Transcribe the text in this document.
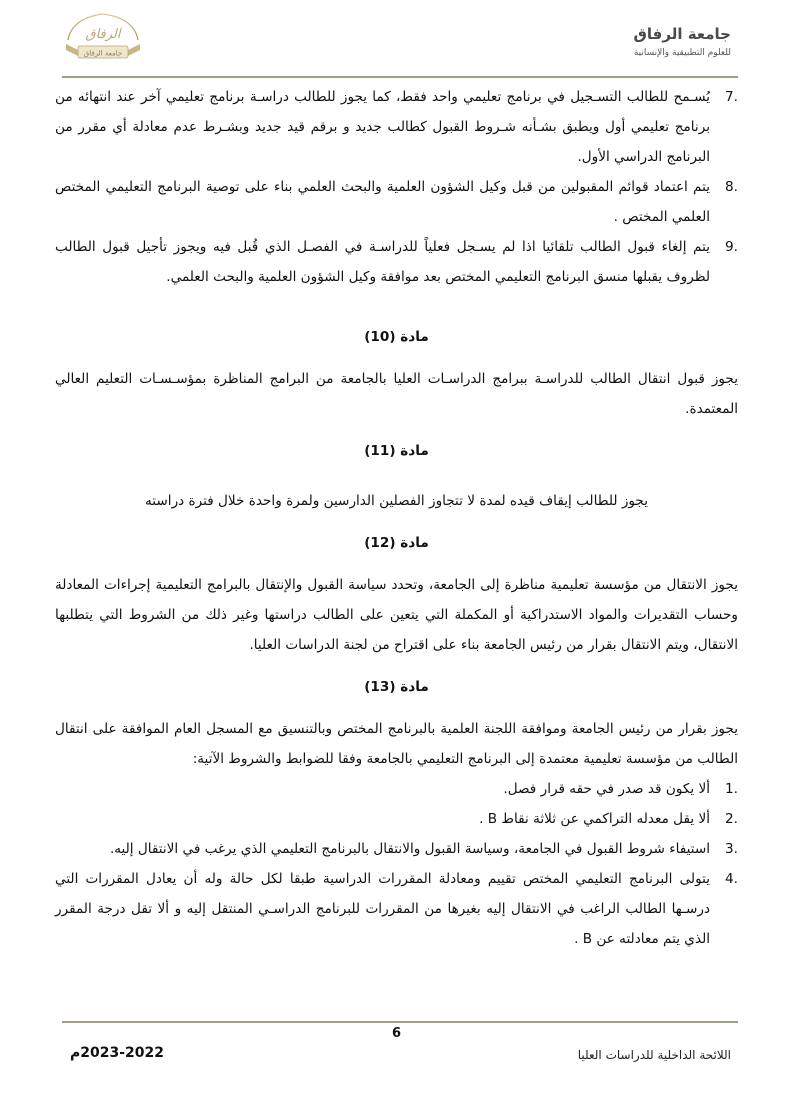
جامعة الرفاق
للعلوم التطبيقية والإنسانية
الرفاق
جامعة الرفاق
7.
يُسـمح للطالب التسـجيل في برنامج تعليمي واحد فقط، كما يجوز للطالب دراسـة برنامج تعليمي آخر عند انتهائه من برنامج تعليمي أول ويطبق بشـأنه شـروط القبول كطالب جديد و برقم قيد جديد وبشـرط عدم معادلة أي مقرر من البرنامج الدراسي الأول.
8.
يتم اعتماد قوائم المقبولين من قبل وكيل الشؤون العلمية والبحث العلمي بناء على توصية البرنامج التعليمي المختص العلمي المختص .
9.
يتم إلغاء قبول الطالب تلقائيا اذا لم يسـجل فعلياً للدراسـة في الفصـل الذي قُبل فيه ويجوز تأجيل قبول الطالب لظروف يقبلها منسق البرنامج التعليمي المختص بعد موافقة وكيل الشؤون العلمية والبحث العلمي.
مادة (10)

يجوز قبول انتقال الطالب للدراسـة ببرامج الدراسـات العليا بالجامعة من البرامج المناظرة بمؤسـسـات التعليم العالي المعتمدة.

مادة (11)

يجوز للطالب إيقاف قيده لمدة لا تتجاوز الفصلين الدارسين ولمرة واحدة خلال فترة دراسته

مادة (12)

يجوز الانتقال من مؤسسة تعليمية مناظرة إلى الجامعة، وتحدد سياسة القبول والإنتقال بالبرامج التعليمية إجراءات المعادلة وحساب التقديرات والمواد الاستدراكية أو المكملة التي يتعين على الطالب دراستها وغير ذلك من الشروط التي يتطلبها الانتقال، ويتم الانتقال بقرار من رئيس الجامعة بناء على اقتراح من لجنة الدراسات العليا.

مادة (13)

يجوز بقرار من رئيس الجامعة وموافقة اللجنة العلمية بالبرنامج المختص وبالتنسيق مع المسجل العام الموافقة على انتقال الطالب من مؤسسة تعليمية معتمدة إلى البرنامج التعليمي بالجامعة وفقا للضوابط والشروط الآتية:

1.
ألا يكون قد صدر في حقه قرار فصل.
2.
ألا يقل معدله التراكمي عن ثلاثة نقاط B .
3.
استيفاء شروط القبول في الجامعة، وسياسة القبول والانتقال بالبرنامج التعليمي الذي يرغب في الانتقال إليه.
4.
يتولى البرنامج التعليمي المختص تقييم ومعادلة المقررات الدراسية طبقا لكل حالة وله أن يعادل المقررات التي درسـها الطالب الراغب في الانتقال إليه بغيرها من المقررات للبرنامج الدراسـي المنتقل إليه و ألا تقل درجة المقرر الذي يتم معادلته عن B .
6
2023-2022م	اللائحة الداخلية للدراسات العليا
